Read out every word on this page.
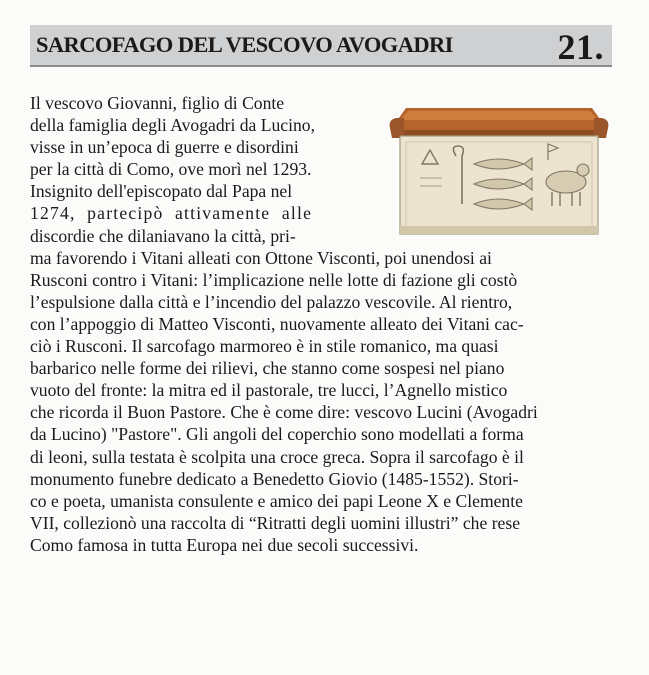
SARCOFAGO DEL VESCOVO AVOGADRI	21.
Il vescovo Giovanni, figlio di Conte
della famiglia degli Avogadri da Lucino,
visse in un’epoca di guerre e disordini
per la città di Como, ove morì nel 1293.
Insignito dell'episcopato dal Papa nel
1274, partecipò attivamente alle
discordie che dilaniavano la città, pri-
ma favorendo i Vitani alleati con Ottone Visconti, poi unendosi ai
Rusconi contro i Vitani: l’implicazione nelle lotte di fazione gli costò
l’espulsione dalla città e l’incendio del palazzo vescovile. Al rientro,
con l’appoggio di Matteo Visconti, nuovamente alleato dei Vitani cac-
ciò i Rusconi. Il sarcofago marmoreo è in stile romanico, ma quasi
barbarico nelle forme dei rilievi, che stanno come sospesi nel piano
vuoto del fronte: la mitra ed il pastorale, tre lucci, l’Agnello mistico
che ricorda il Buon Pastore. Che è come dire: vescovo Lucini (Avogadri
da Lucino) "Pastore". Gli angoli del coperchio sono modellati a forma
di leoni, sulla testata è scolpita una croce greca. Sopra il sarcofago è il
monumento funebre dedicato a Benedetto Giovio (1485-1552). Stori-
co e poeta, umanista consulente e amico dei papi Leone X e Clemente
VII, collezionò una raccolta di “Ritratti degli uomini illustri” che rese
Como famosa in tutta Europa nei due secoli successivi.
